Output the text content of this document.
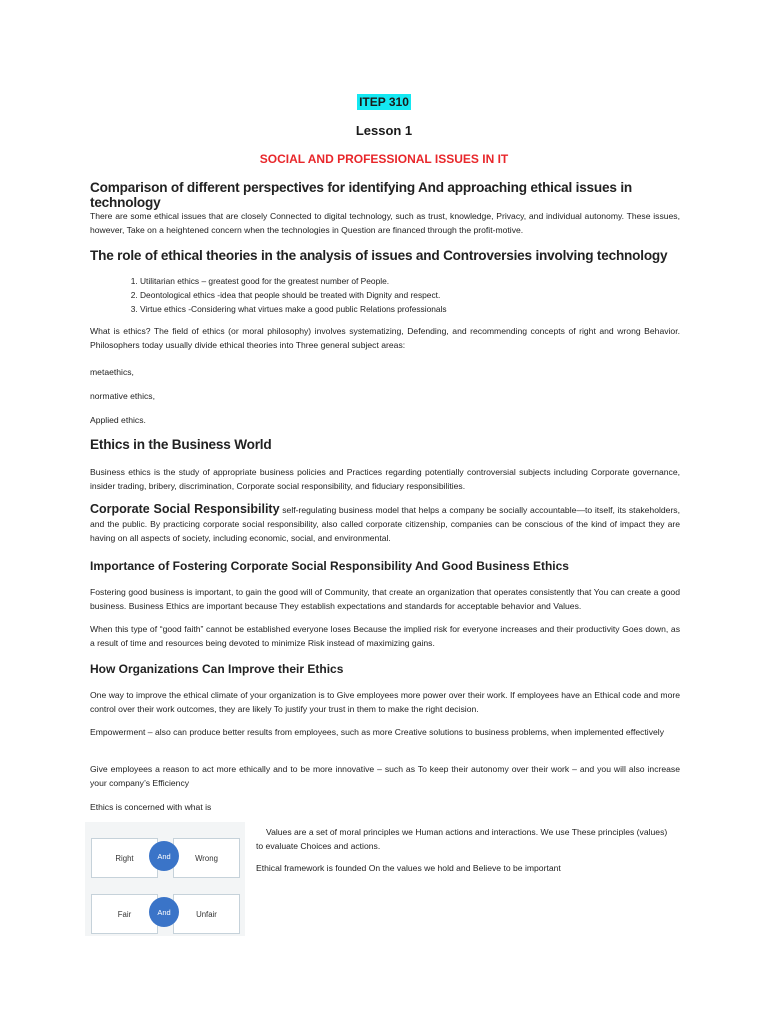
ITEP 310
Lesson 1
SOCIAL AND PROFESSIONAL ISSUES IN IT
Comparison of different perspectives for identifying And approaching ethical issues in technology

There are some ethical issues that are closely Connected to digital technology, such as trust, knowledge, Privacy, and individual autonomy. These issues, however, Take on a heightened concern when the technologies in Question are financed through the profit-motive.

The role of ethical theories in the analysis of issues and Controversies involving technology
1. Utilitarian ethics – greatest good for the greatest number of People.
2. Deontological ethics -idea that people should be treated with Dignity and respect.
3. Virtue ethics -Considering what virtues make a good public Relations professionals

What is ethics? The field of ethics (or moral philosophy) involves systematizing, Defending, and recommending concepts of right and wrong Behavior. Philosophers today usually divide ethical theories into Three general subject areas:

metaethics,

normative ethics,

Applied ethics.

Ethics in the Business World

Business ethics is the study of appropriate business policies and Practices regarding potentially controversial subjects including Corporate governance, insider trading, bribery, discrimination, Corporate social responsibility, and fiduciary responsibilities.

Corporate Social Responsibility self-regulating business model that helps a company be socially accountable—to itself, its stakeholders, and the public. By practicing corporate social responsibility, also called corporate citizenship, companies can be conscious of the kind of impact they are having on all aspects of society, including economic, social, and environmental.

Importance of Fostering Corporate Social Responsibility And Good Business Ethics

Fostering good business is important, to gain the good will of Community, that create an organization that operates consistently that You can create a good business. Business Ethics are important because They establish expectations and standards for acceptable behavior and Values.

When this type of “good faith” cannot be established everyone loses Because the implied risk for everyone increases and their productivity Goes down, as a result of time and resources being devoted to minimize Risk instead of maximizing gains.

How Organizations Can Improve their Ethics

One way to improve the ethical climate of your organization is to Give employees more power over their work. If employees have an Ethical code and more control over their work outcomes, they are likely To justify your trust in them to make the right decision.

Empowerment – also can produce better results from employees, such as more Creative solutions to business problems, when implemented effectively

Give employees a reason to act more ethically and to be more innovative – such as To keep their autonomy over their work – and you will also increase your company’s Efficiency

Ethics is concerned with what is

Right	Wrong
And
Fair	Unfair
And

Values are a set of moral principles we Human actions and interactions. We use These principles (values) to evaluate Choices and actions.

Ethical framework is founded On the values we hold and Believe to be important
